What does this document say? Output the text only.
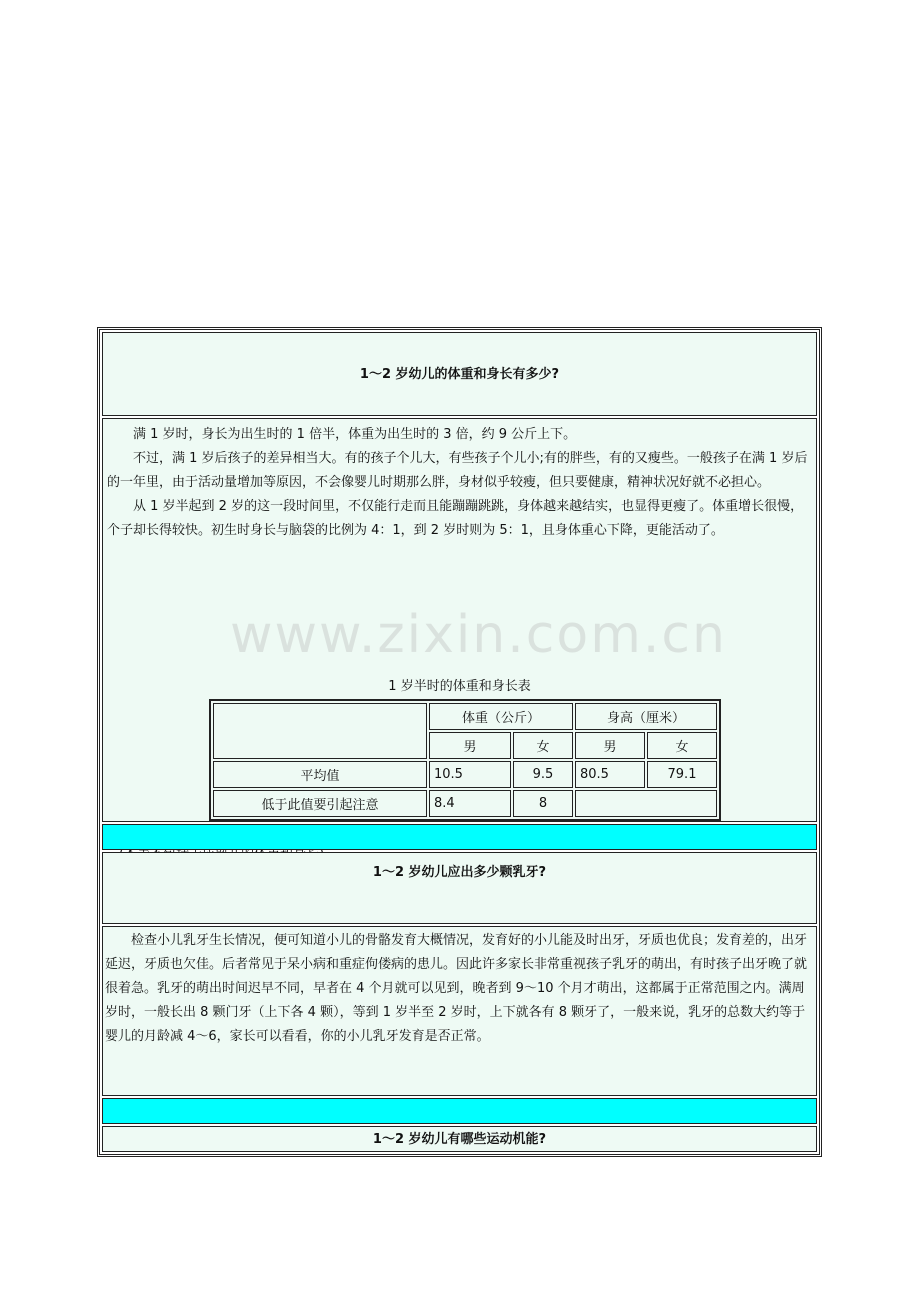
1～2 岁幼儿的体重和身长有多少?

满 1 岁时，身长为出生时的 1 倍半，体重为出生时的 3 倍，约 9 公斤上下。

不过，满 1 岁后孩子的差异相当大。有的孩子个儿大，有些孩子个儿小;有的胖些，有的又瘦些。一般孩子在满 1 岁后的一年里，由于活动量增加等原因，不会像婴儿时期那么胖，身材似乎较瘦，但只要健康，精神状况好就不必担心。

从 1 岁半起到 2 岁的这一段时间里，不仅能行走而且能蹦蹦跳跳，身体越来越结实，也显得更瘦了。体重增长很慢，个子却长得较快。初生时身长与脑袋的比例为 4：1，到 2 岁时则为 5：1，且身体重心下降，更能活动了。

1 岁半时的体重和身长表
	体重（公斤）		身高（厘米）	
	男	女	男	女
平均值	10.5	9.5	80.5	79.1
低于此值要引起注意	8.4	8		
1～2 岁幼儿应出多少颗乳牙?

检查小儿乳牙生长情况，便可知道小儿的骨骼发育大概情况，发育好的小儿能及时出牙，牙质也优良；发育差的，出牙延迟，牙质也欠佳。后者常见于呆小病和重症佝偻病的患儿。因此许多家长非常重视孩子乳牙的萌出，有时孩子出牙晚了就很着急。乳牙的萌出时间迟早不同，早者在 4 个月就可以见到，晚者到 9～10 个月才萌出，这都属于正常范围之内。满周岁时，一般长出 8 颗门牙（上下各 4 颗），等到 1 岁半至 2 岁时，上下就各有 8 颗牙了，一般来说，乳牙的总数大约等于婴儿的月龄减 4～6，家长可以看看，你的小儿乳牙发育是否正常。

1～2 岁幼儿有哪些运动机能?
www.zixin.com.cn
